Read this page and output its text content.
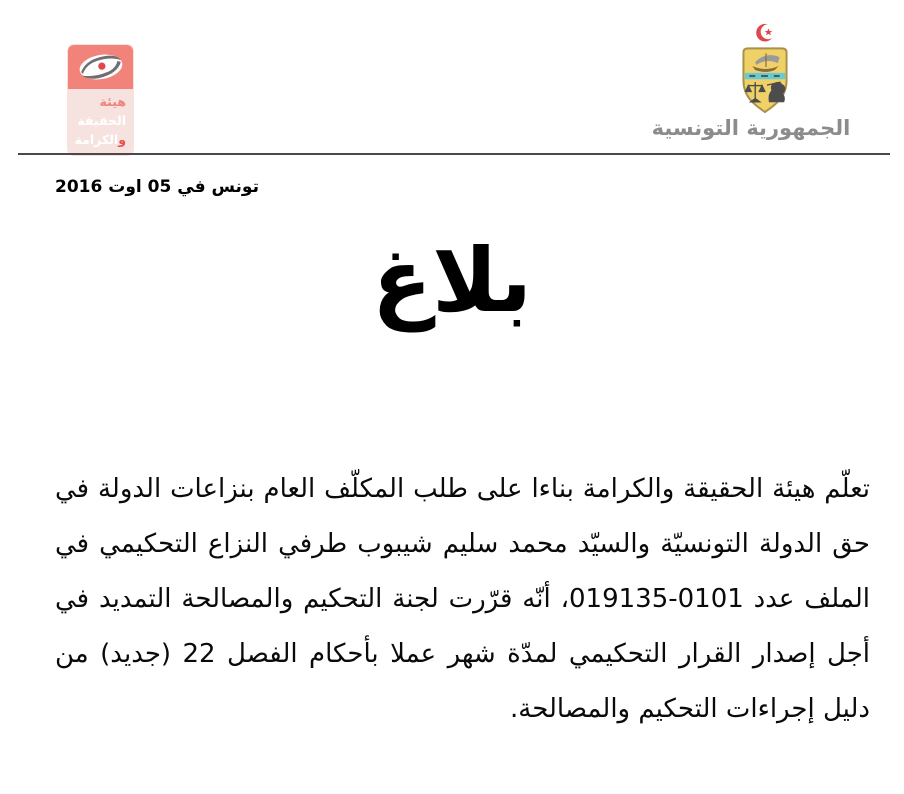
هيئة
الحقيقة
والكرامة	الجمهورية التونسية
تونس في 05 اوت 2016
بلاغ
تعلّم هيئة الحقيقة والكرامة بناءا على طلب المكلّف العام بنزاعات الدولة في
حق الدولة التونسيّة والسيّد محمد سليم شيبوب طرفي النزاع التحكيمي في
الملف عدد 0101-019135، أنّه قرّرت لجنة التحكيم والمصالحة التمديد في
أجل إصدار القرار التحكيمي لمدّة شهر عملا بأحكام الفصل 22 (جديد) من
دليل إجراءات التحكيم والمصالحة.
